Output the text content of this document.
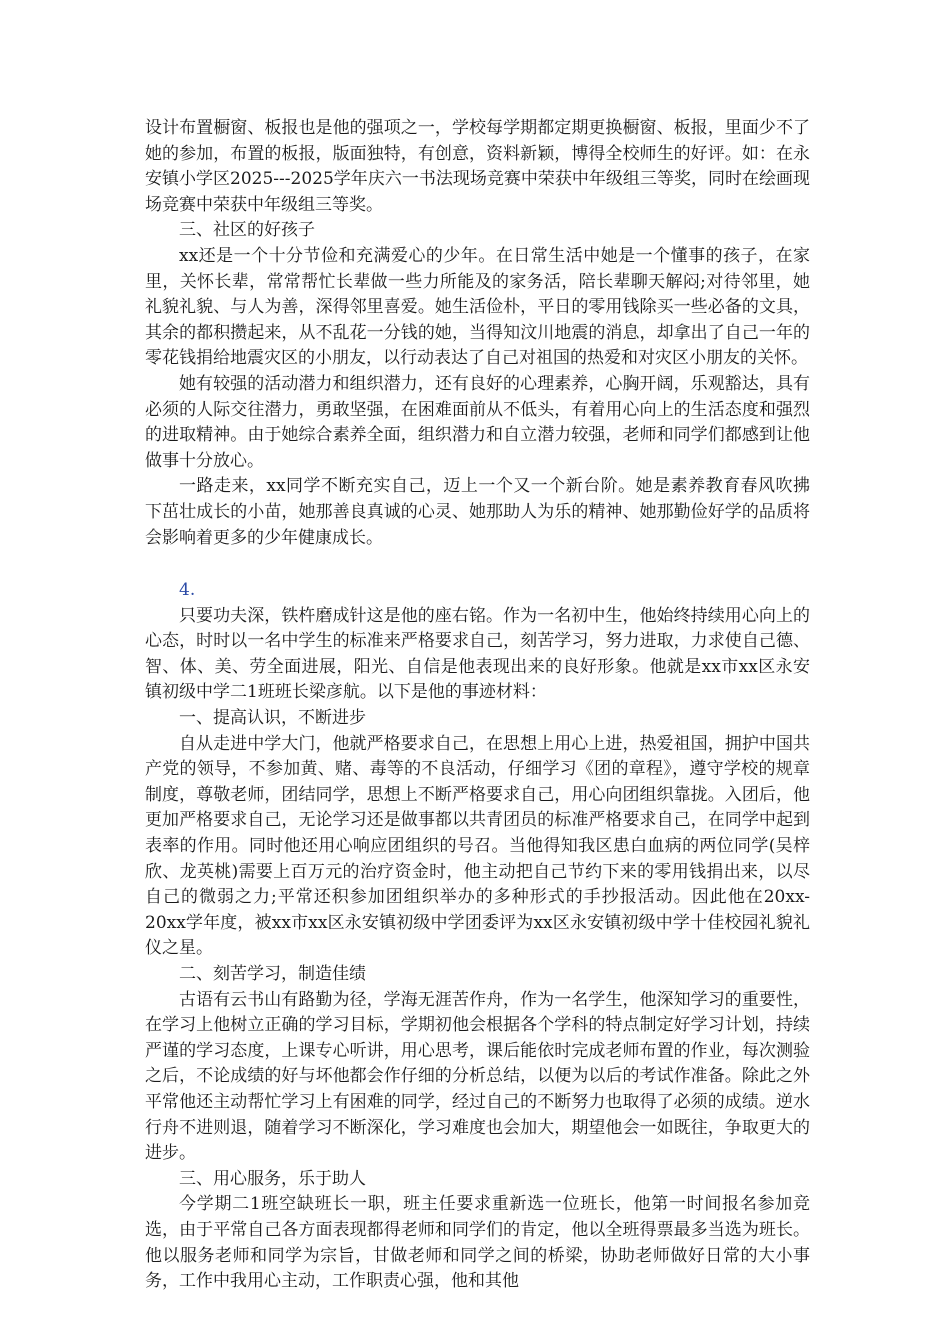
设计布置橱窗、板报也是他的强项之一，学校每学期都定期更换橱窗、板报，里面少不了她的参加，布置的板报，版面独特，有创意，资料新颖，博得全校师生的好评。如：在永安镇小学区2025---2025学年庆六一书法现场竞赛中荣获中年级组三等奖，同时在绘画现场竞赛中荣获中年级组三等奖。

三、社区的好孩子

xx还是一个十分节俭和充满爱心的少年。在日常生活中她是一个懂事的孩子，在家里，关怀长辈，常常帮忙长辈做一些力所能及的家务活，陪长辈聊天解闷;对待邻里，她礼貌礼貌、与人为善，深得邻里喜爱。她生活俭朴，平日的零用钱除买一些必备的文具，其余的都积攒起来，从不乱花一分钱的她，当得知汶川地震的消息，却拿出了自己一年的零花钱捐给地震灾区的小朋友，以行动表达了自己对祖国的热爱和对灾区小朋友的关怀。

她有较强的活动潜力和组织潜力，还有良好的心理素养，心胸开阔，乐观豁达，具有必须的人际交往潜力，勇敢坚强，在困难面前从不低头，有着用心向上的生活态度和强烈的进取精神。由于她综合素养全面，组织潜力和自立潜力较强，老师和同学们都感到让他做事十分放心。

一路走来，xx同学不断充实自己，迈上一个又一个新台阶。她是素养教育春风吹拂下茁壮成长的小苗，她那善良真诚的心灵、她那助人为乐的精神、她那勤俭好学的品质将会影响着更多的少年健康成长。

4.

只要功夫深，铁杵磨成针这是他的座右铭。作为一名初中生，他始终持续用心向上的心态，时时以一名中学生的标准来严格要求自己，刻苦学习，努力进取，力求使自己德、智、体、美、劳全面进展，阳光、自信是他表现出来的良好形象。他就是xx市xx区永安镇初级中学二1班班长梁彦航。以下是他的事迹材料：

一、提高认识，不断进步

自从走进中学大门，他就严格要求自己，在思想上用心上进，热爱祖国，拥护中国共产党的领导，不参加黄、赌、毒等的不良活动，仔细学习《团的章程》，遵守学校的规章制度，尊敬老师，团结同学，思想上不断严格要求自己，用心向团组织靠拢。入团后，他更加严格要求自己，无论学习还是做事都以共青团员的标准严格要求自己，在同学中起到表率的作用。同时他还用心响应团组织的号召。当他得知我区患白血病的两位同学(吴梓欣、龙英桃)需要上百万元的治疗资金时，他主动把自己节约下来的零用钱捐出来，以尽自己的微弱之力;平常还积参加团组织举办的多种形式的手抄报活动。因此他在20xx-20xx学年度，被xx市xx区永安镇初级中学团委评为xx区永安镇初级中学十佳校园礼貌礼仪之星。

二、刻苦学习，制造佳绩

古语有云书山有路勤为径，学海无涯苦作舟，作为一名学生，他深知学习的重要性，在学习上他树立正确的学习目标，学期初他会根据各个学科的特点制定好学习计划，持续严谨的学习态度，上课专心听讲，用心思考，课后能依时完成老师布置的作业，每次测验之后，不论成绩的好与坏他都会作仔细的分析总结，以便为以后的考试作准备。除此之外平常他还主动帮忙学习上有困难的同学，经过自己的不断努力也取得了必须的成绩。逆水行舟不进则退，随着学习不断深化，学习难度也会加大，期望他会一如既往，争取更大的进步。

三、用心服务，乐于助人

今学期二1班空缺班长一职，班主任要求重新选一位班长，他第一时间报名参加竞选，由于平常自己各方面表现都得老师和同学们的肯定，他以全班得票最多当选为班长。他以服务老师和同学为宗旨，甘做老师和同学之间的桥梁，协助老师做好日常的大小事务，工作中我用心主动，工作职责心强，他和其他
